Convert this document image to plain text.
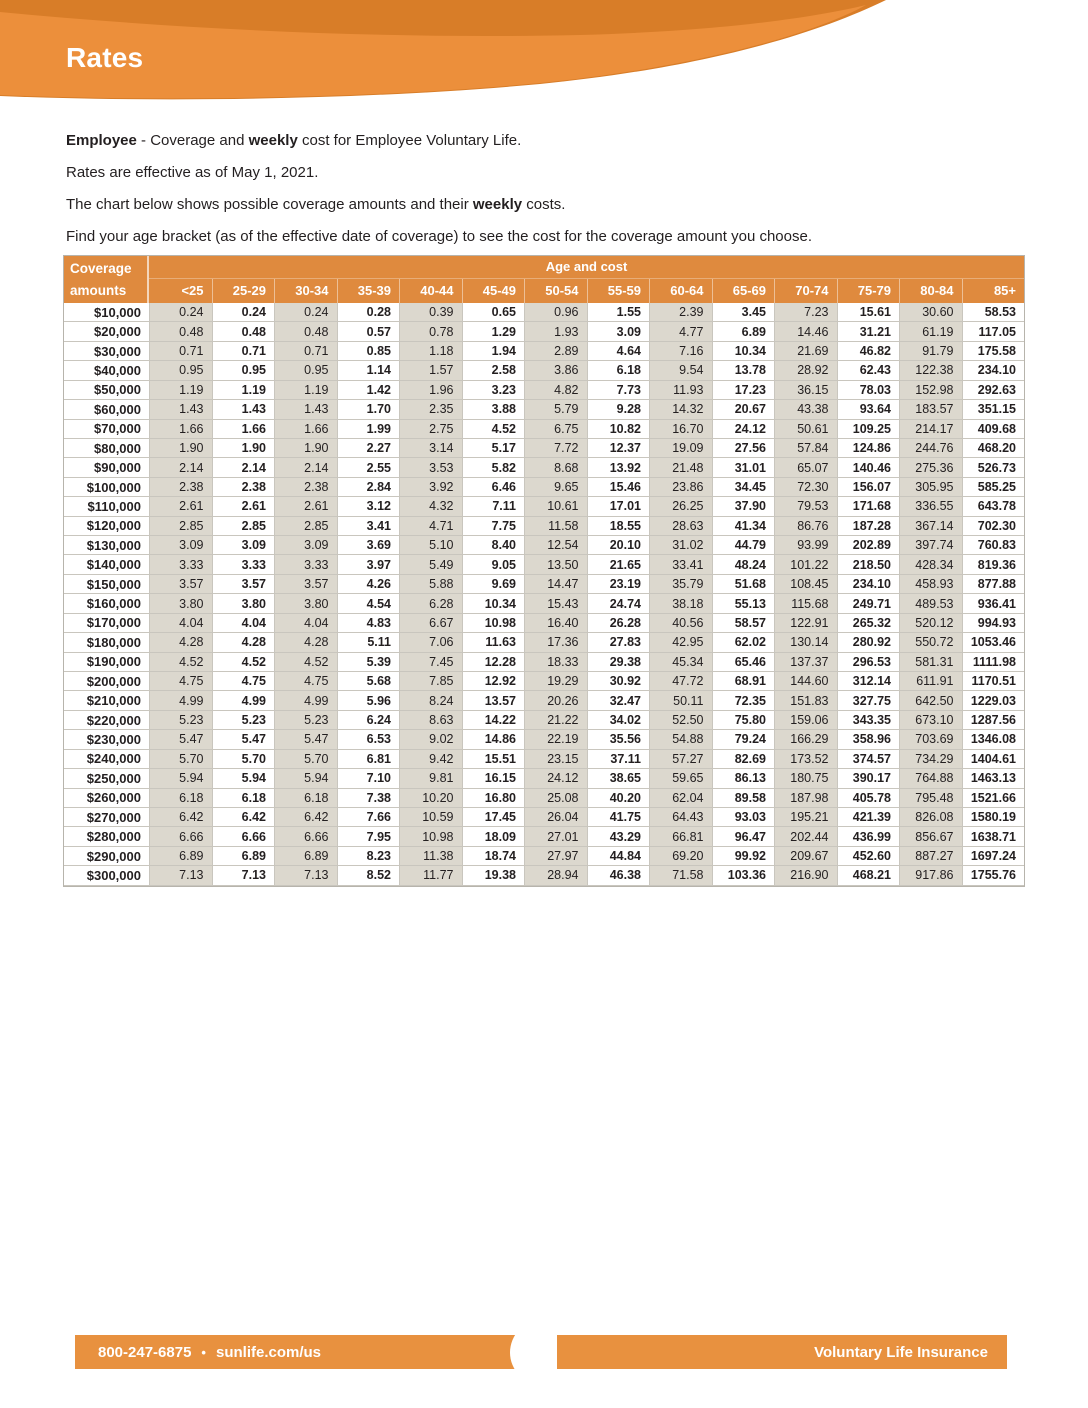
Rates

Employee - Coverage and weekly cost for Employee Voluntary Life.

Rates are effective as of May 1, 2021.

The chart below shows possible coverage amounts and their weekly costs.

Find your age bracket (as of the effective date of coverage) to see the cost for the coverage amount you choose.

Coverage
amounts
Age and cost
<25	25-29	30-34	35-39	40-44	45-49	50-54	55-59	60-64	65-69	70-74	75-79	80-84	85+
$10,000	0.24	0.24	0.24	0.28	0.39	0.65	0.96	1.55	2.39	3.45	7.23	15.61	30.60	58.53
$20,000	0.48	0.48	0.48	0.57	0.78	1.29	1.93	3.09	4.77	6.89	14.46	31.21	61.19	117.05
$30,000	0.71	0.71	0.71	0.85	1.18	1.94	2.89	4.64	7.16	10.34	21.69	46.82	91.79	175.58
$40,000	0.95	0.95	0.95	1.14	1.57	2.58	3.86	6.18	9.54	13.78	28.92	62.43	122.38	234.10
$50,000	1.19	1.19	1.19	1.42	1.96	3.23	4.82	7.73	11.93	17.23	36.15	78.03	152.98	292.63
$60,000	1.43	1.43	1.43	1.70	2.35	3.88	5.79	9.28	14.32	20.67	43.38	93.64	183.57	351.15
$70,000	1.66	1.66	1.66	1.99	2.75	4.52	6.75	10.82	16.70	24.12	50.61	109.25	214.17	409.68
$80,000	1.90	1.90	1.90	2.27	3.14	5.17	7.72	12.37	19.09	27.56	57.84	124.86	244.76	468.20
$90,000	2.14	2.14	2.14	2.55	3.53	5.82	8.68	13.92	21.48	31.01	65.07	140.46	275.36	526.73
$100,000	2.38	2.38	2.38	2.84	3.92	6.46	9.65	15.46	23.86	34.45	72.30	156.07	305.95	585.25
$110,000	2.61	2.61	2.61	3.12	4.32	7.11	10.61	17.01	26.25	37.90	79.53	171.68	336.55	643.78
$120,000	2.85	2.85	2.85	3.41	4.71	7.75	11.58	18.55	28.63	41.34	86.76	187.28	367.14	702.30
$130,000	3.09	3.09	3.09	3.69	5.10	8.40	12.54	20.10	31.02	44.79	93.99	202.89	397.74	760.83
$140,000	3.33	3.33	3.33	3.97	5.49	9.05	13.50	21.65	33.41	48.24	101.22	218.50	428.34	819.36
$150,000	3.57	3.57	3.57	4.26	5.88	9.69	14.47	23.19	35.79	51.68	108.45	234.10	458.93	877.88
$160,000	3.80	3.80	3.80	4.54	6.28	10.34	15.43	24.74	38.18	55.13	115.68	249.71	489.53	936.41
$170,000	4.04	4.04	4.04	4.83	6.67	10.98	16.40	26.28	40.56	58.57	122.91	265.32	520.12	994.93
$180,000	4.28	4.28	4.28	5.11	7.06	11.63	17.36	27.83	42.95	62.02	130.14	280.92	550.72	1053.46
$190,000	4.52	4.52	4.52	5.39	7.45	12.28	18.33	29.38	45.34	65.46	137.37	296.53	581.31	1111.98
$200,000	4.75	4.75	4.75	5.68	7.85	12.92	19.29	30.92	47.72	68.91	144.60	312.14	611.91	1170.51
$210,000	4.99	4.99	4.99	5.96	8.24	13.57	20.26	32.47	50.11	72.35	151.83	327.75	642.50	1229.03
$220,000	5.23	5.23	5.23	6.24	8.63	14.22	21.22	34.02	52.50	75.80	159.06	343.35	673.10	1287.56
$230,000	5.47	5.47	5.47	6.53	9.02	14.86	22.19	35.56	54.88	79.24	166.29	358.96	703.69	1346.08
$240,000	5.70	5.70	5.70	6.81	9.42	15.51	23.15	37.11	57.27	82.69	173.52	374.57	734.29	1404.61
$250,000	5.94	5.94	5.94	7.10	9.81	16.15	24.12	38.65	59.65	86.13	180.75	390.17	764.88	1463.13
$260,000	6.18	6.18	6.18	7.38	10.20	16.80	25.08	40.20	62.04	89.58	187.98	405.78	795.48	1521.66
$270,000	6.42	6.42	6.42	7.66	10.59	17.45	26.04	41.75	64.43	93.03	195.21	421.39	826.08	1580.19
$280,000	6.66	6.66	6.66	7.95	10.98	18.09	27.01	43.29	66.81	96.47	202.44	436.99	856.67	1638.71
$290,000	6.89	6.89	6.89	8.23	11.38	18.74	27.97	44.84	69.20	99.92	209.67	452.60	887.27	1697.24
$300,000	7.13	7.13	7.13	8.52	11.77	19.38	28.94	46.38	71.58	103.36	216.90	468.21	917.86	1755.76
800-247-6875 • sunlife.com/us	Voluntary Life Insurance
